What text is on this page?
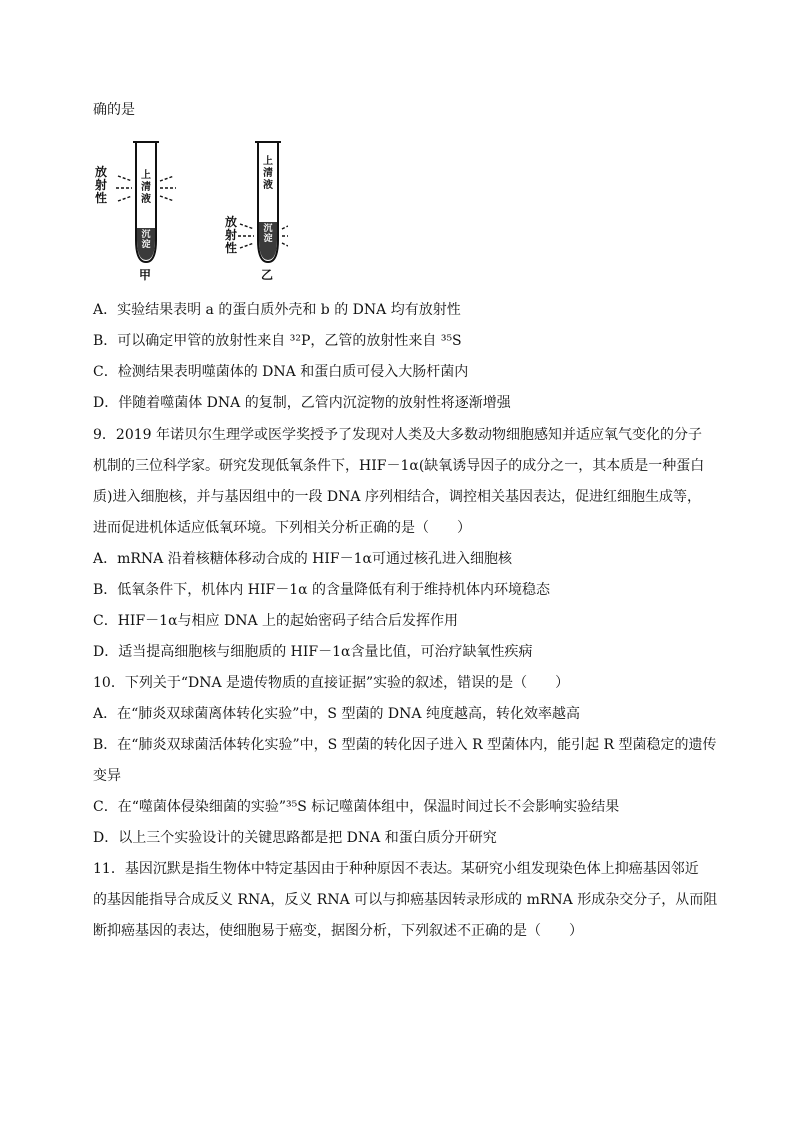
确的是
放
射
性
上
清
液
沉
淀
甲
放
射
性
上
清
液
沉
淀
乙
A．实验结果表明 a 的蛋白质外壳和 b 的 DNA 均有放射性
B．可以确定甲管的放射性来自 ³²P，乙管的放射性来自 ³⁵S
C．检测结果表明噬菌体的 DNA 和蛋白质可侵入大肠杆菌内
D．伴随着噬菌体 DNA 的复制，乙管内沉淀物的放射性将逐渐增强
9．2019 年诺贝尔生理学或医学奖授予了发现对人类及大多数动物细胞感知并适应氧气变化的分子
机制的三位科学家。研究发现低氧条件下，HIF－1α(缺氧诱导因子的成分之一，其本质是一种蛋白
质)进入细胞核，并与基因组中的一段 DNA 序列相结合，调控相关基因表达，促进红细胞生成等，
进而促进机体适应低氧环境。下列相关分析正确的是（　　）
A．mRNA 沿着核糖体移动合成的 HIF－1α可通过核孔进入细胞核
B．低氧条件下，机体内 HIF－1α 的含量降低有利于维持机体内环境稳态
C．HIF－1α与相应 DNA 上的起始密码子结合后发挥作用
D．适当提高细胞核与细胞质的 HIF－1α含量比值，可治疗缺氧性疾病
10．下列关于“DNA 是遗传物质的直接证据”实验的叙述，错误的是（　　）
A．在“肺炎双球菌离体转化实验”中，S 型菌的 DNA 纯度越高，转化效率越高
B．在“肺炎双球菌活体转化实验”中，S 型菌的转化因子进入 R 型菌体内，能引起 R 型菌稳定的遗传
变异
C．在“噬菌体侵染细菌的实验”³⁵S 标记噬菌体组中，保温时间过长不会影响实验结果
D．以上三个实验设计的关键思路都是把 DNA 和蛋白质分开研究
11．基因沉默是指生物体中特定基因由于种种原因不表达。某研究小组发现染色体上抑癌基因邻近
的基因能指导合成反义 RNA，反义 RNA 可以与抑癌基因转录形成的 mRNA 形成杂交分子，从而阻
断抑癌基因的表达，使细胞易于癌变，据图分析，下列叙述不正确的是（　　）
